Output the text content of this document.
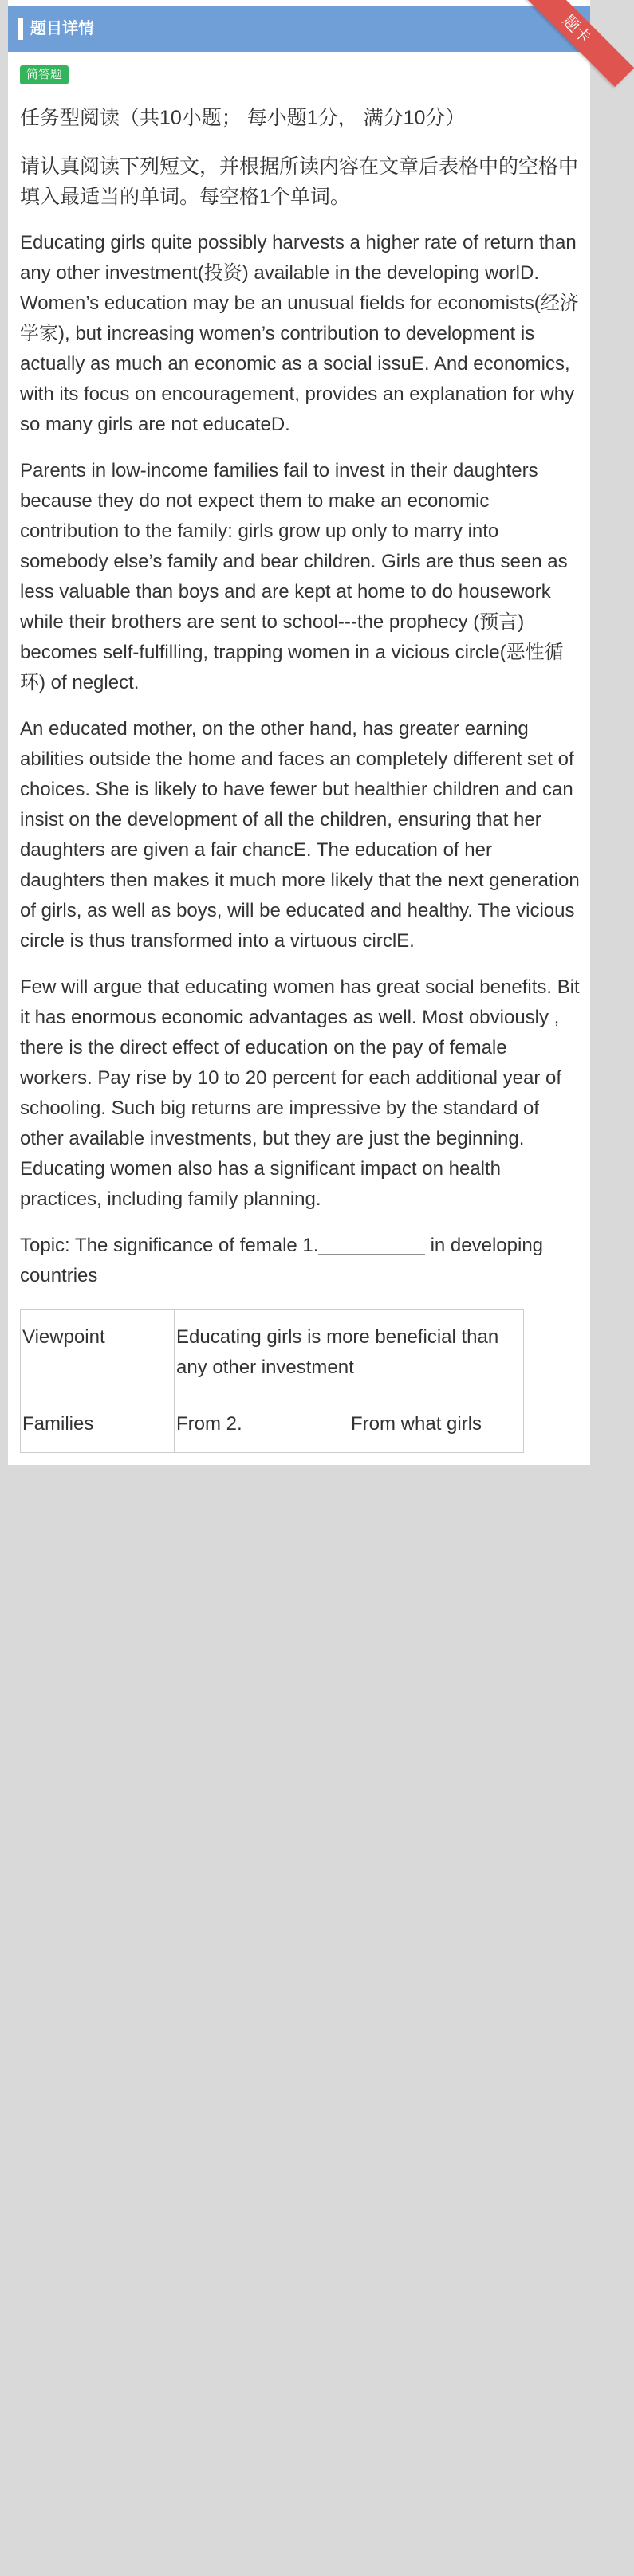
题目详情	题卡
简答题

任务型阅读（共10小题； 每小题1分， 满分10分）

请认真阅读下列短文，并根据所读内容在文章后表格中的空格中填入最适当的单词。每空格1个单词。

Educating girls quite possibly harvests a higher rate of return than any other investment(投资) available in the developing worlD. Women’s education may be an unusual fields for economists(经济学家), but increasing women’s contribution to development is actually as much an economic as a social issuE. And economics, with its focus on encouragement, provides an explanation for why so many girls are not educateD.

Parents in low-income families fail to invest in their daughters because they do not expect them to make an economic contribution to the family: girls grow up only to marry into somebody else’s family and bear children. Girls are thus seen as less valuable than boys and are kept at home to do housework while their brothers are sent to school---the prophecy (预言) becomes self-fulfilling, trapping women in a vicious circle(恶性循环) of neglect.

An educated mother, on the other hand, has greater earning abilities outside the home and faces an completely different set of choices. She is likely to have fewer but healthier children and can insist on the development of all the children, ensuring that her daughters are given a fair chancE. The education of her daughters then makes it much more likely that the next generation of girls, as well as boys, will be educated and healthy. The vicious circle is thus transformed into a virtuous circlE.

Few will argue that educating women has great social benefits. Bit it has enormous economic advantages as well. Most obviously , there is the direct effect of education on the pay of female workers. Pay rise by 10 to 20 percent for each additional year of schooling. Such big returns are impressive by the standard of other available investments, but they are just the beginning. Educating women also has a significant impact on health practices, including family planning.

Topic: The significance of female 1.__________ in developing countries

Viewpoint	Educating girls is more beneficial than any other investment	
Families	From 2.	From what girls
